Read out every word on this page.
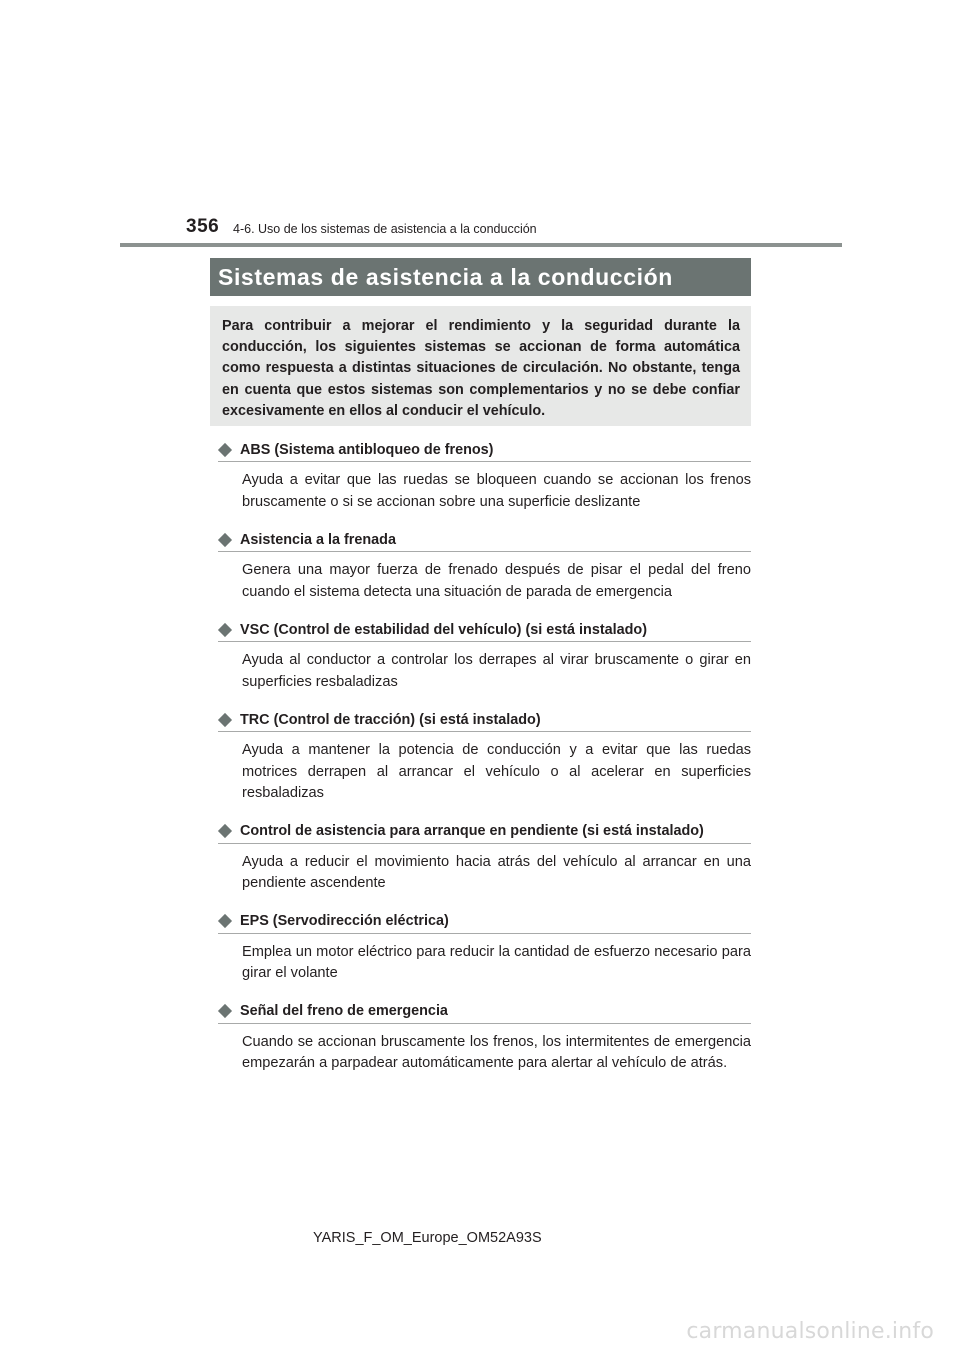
356 4-6. Uso de los sistemas de asistencia a la conducción
Sistemas de asistencia a la conducción

Para contribuir a mejorar el rendimiento y la seguridad durante la conducción, los siguientes sistemas se accionan de forma automática como respuesta a distintas situaciones de circulación. No obstante, tenga en cuenta que estos sistemas son complementarios y no se debe confiar excesivamente en ellos al conducir el vehículo.

ABS (Sistema antibloqueo de frenos)
Ayuda a evitar que las ruedas se bloqueen cuando se accionan los frenos bruscamente o si se accionan sobre una superficie deslizante
Asistencia a la frenada
Genera una mayor fuerza de frenado después de pisar el pedal del freno cuando el sistema detecta una situación de parada de emergencia
VSC (Control de estabilidad del vehículo) (si está instalado)
Ayuda al conductor a controlar los derrapes al virar bruscamente o girar en superficies resbaladizas
TRC (Control de tracción) (si está instalado)
Ayuda a mantener la potencia de conducción y a evitar que las ruedas motrices derrapen al arrancar el vehículo o al acelerar en superficies resbaladizas
Control de asistencia para arranque en pendiente (si está instalado)
Ayuda a reducir el movimiento hacia atrás del vehículo al arrancar en una pendiente ascendente
EPS (Servodirección eléctrica)
Emplea un motor eléctrico para reducir la cantidad de esfuerzo necesario para girar el volante
Señal del freno de emergencia
Cuando se accionan bruscamente los frenos, los intermitentes de emergencia empezarán a parpadear automáticamente para alertar al vehículo de atrás.
YARIS_F_OM_Europe_OM52A93S
carmanualsonline.info
